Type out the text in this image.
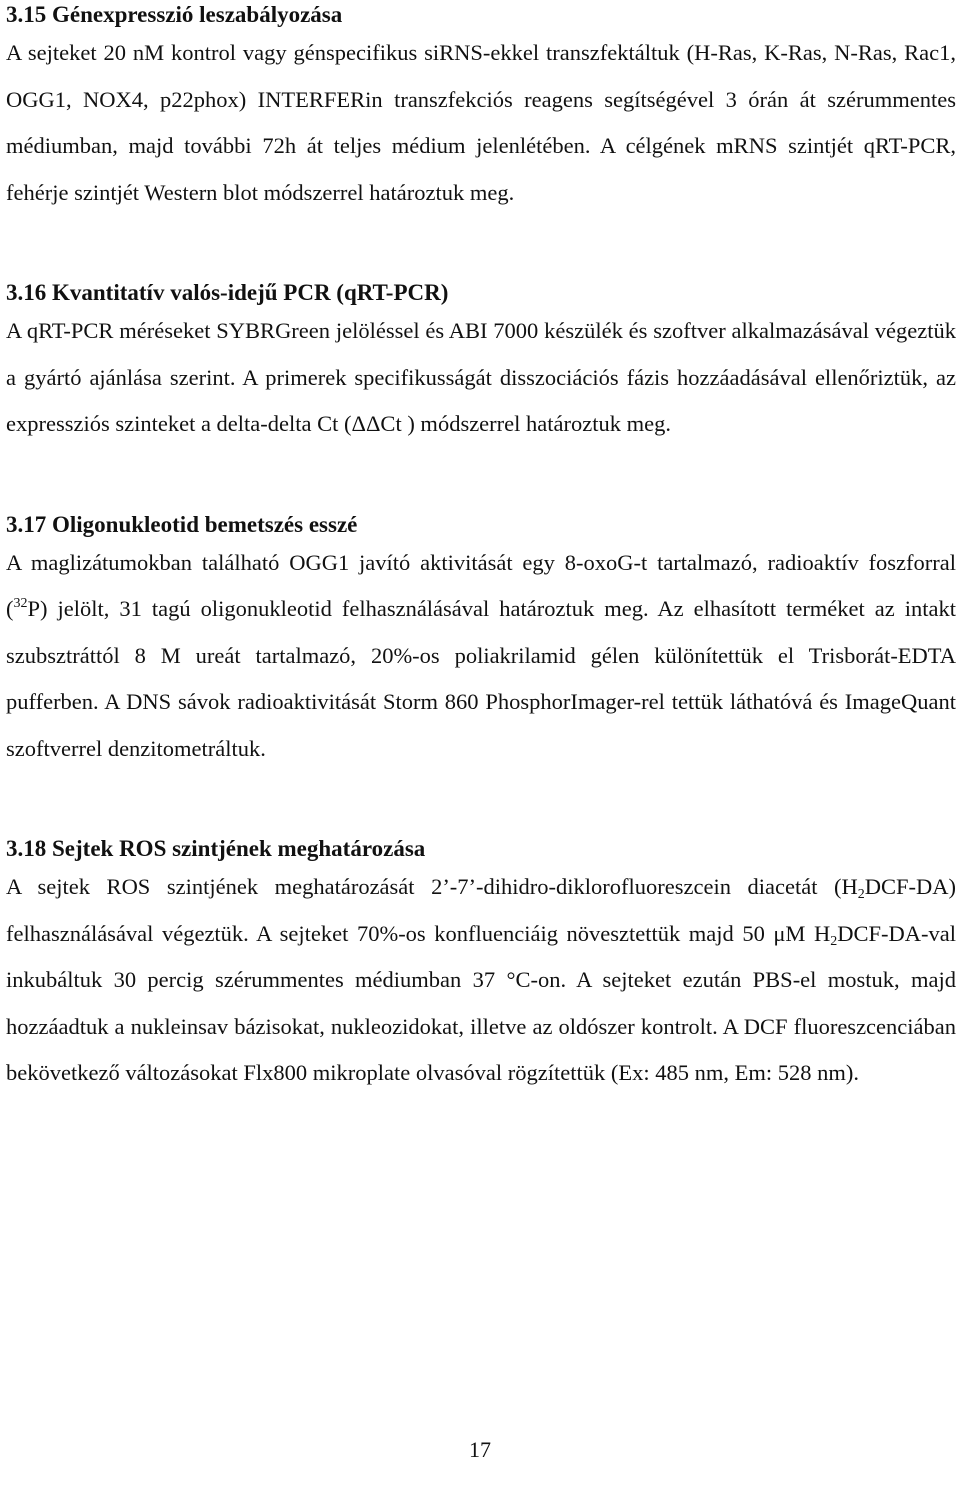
3.15 Génexpresszió leszabályozása

A sejteket 20 nM kontrol vagy génspecifikus siRNS-ekkel transzfektáltuk (H-Ras, K-Ras, N-Ras, Rac1, OGG1, NOX4, p22phox) INTERFERin transzfekciós reagens segítségével 3 órán át szérummentes médiumban, majd további 72h át teljes médium jelenlétében. A célgének mRNS szintjét qRT-PCR, fehérje szintjét Western blot módszerrel határoztuk meg.

3.16 Kvantitatív valós-idejű PCR (qRT-PCR)

A qRT-PCR méréseket SYBRGreen jelöléssel és ABI 7000 készülék és szoftver alkalmazásával végeztük a gyártó ajánlása szerint. A primerek specifikusságát disszociációs fázis hozzáadásával ellenőriztük, az expressziós szinteket a delta-delta Ct (ΔΔCt ) módszerrel határoztuk meg.

3.17 Oligonukleotid bemetszés esszé

A maglizátumokban található OGG1 javító aktivitását egy 8-oxoG-t tartalmazó, radioaktív foszforral ($^{32}$P) jelölt, 31 tagú oligonukleotid felhasználásával határoztuk meg. Az elhasított terméket az intakt szubsztráttól 8 M ureát tartalmazó, 20%-os poliakrilamid gélen különítettük el Trisborát-EDTA pufferben. A DNS sávok radioaktivitását Storm 860 PhosphorImager-rel tettük láthatóvá és ImageQuant szoftverrel denzitometráltuk.

3.18 Sejtek ROS szintjének meghatározása

A sejtek ROS szintjének meghatározását 2’-7’-dihidro-diklorofluoreszcein diacetát $(H_2DCF-DA)$ felhasználásával végeztük. A sejteket 70%-os konfluenciáig növesztettük majd 50 μM $H_2DCF-DA$-val inkubáltuk 30 percig szérummentes médiumban 37 °C-on. A sejteket ezután PBS-el mostuk, majd hozzáadtuk a nukleinsav bázisokat, nukleozidokat, illetve az oldószer kontrolt. A DCF fluoreszcenciában bekövetkező változásokat Flx800 mikroplate olvasóval rögzítettük (Ex: 485 nm, Em: 528 nm).

17
